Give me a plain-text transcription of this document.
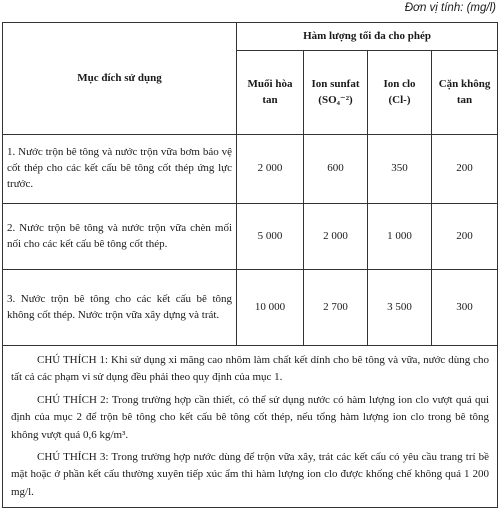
Đơn vị tính: (mg/l)
Mục đích sử dụng	Hàm lượng tối đa cho phép			
	Muối hòa tan	Ion sunfat (SO₄⁻²)	Ion clo (Cl-)	Cặn không tan
1. Nước trộn bê tông và nước trộn vữa bơm bảo vệ cốt thép cho các kết cấu bê tông cốt thép ứng lực trước.	2 000	600	350	200
2. Nước trộn bê tông và nước trộn vữa chèn mối nối cho các kết cấu bê tông cốt thép.	5 000	2 000	1 000	200
3. Nước trộn bê tông cho các kết cấu bê tông không cốt thép. Nước trộn vữa xây dựng và trát.	10 000	2 700	3 500	300

CHÚ THÍCH 1: Khi sử dụng xi măng cao nhôm làm chất kết dính cho bê tông và vữa, nước dùng cho tất cả các phạm vi sử dụng đều phải theo quy định của mục 1.

CHÚ THÍCH 2: Trong trường hợp cần thiết, có thể sử dụng nước có hàm lượng ion clo vượt quá qui định của mục 2 để trộn bê tông cho kết cấu bê tông cốt thép, nếu tổng hàm lượng ion clo trong bê tông không vượt quá 0,6 kg/m³.

CHÚ THÍCH 3: Trong trường hợp nước dùng để trộn vữa xây, trát các kết cấu có yêu cầu trang trí bề mặt hoặc ở phần kết cấu thường xuyên tiếp xúc ẩm thì hàm lượng ion clo được khống chế không quá 1 200 mg/l.				
